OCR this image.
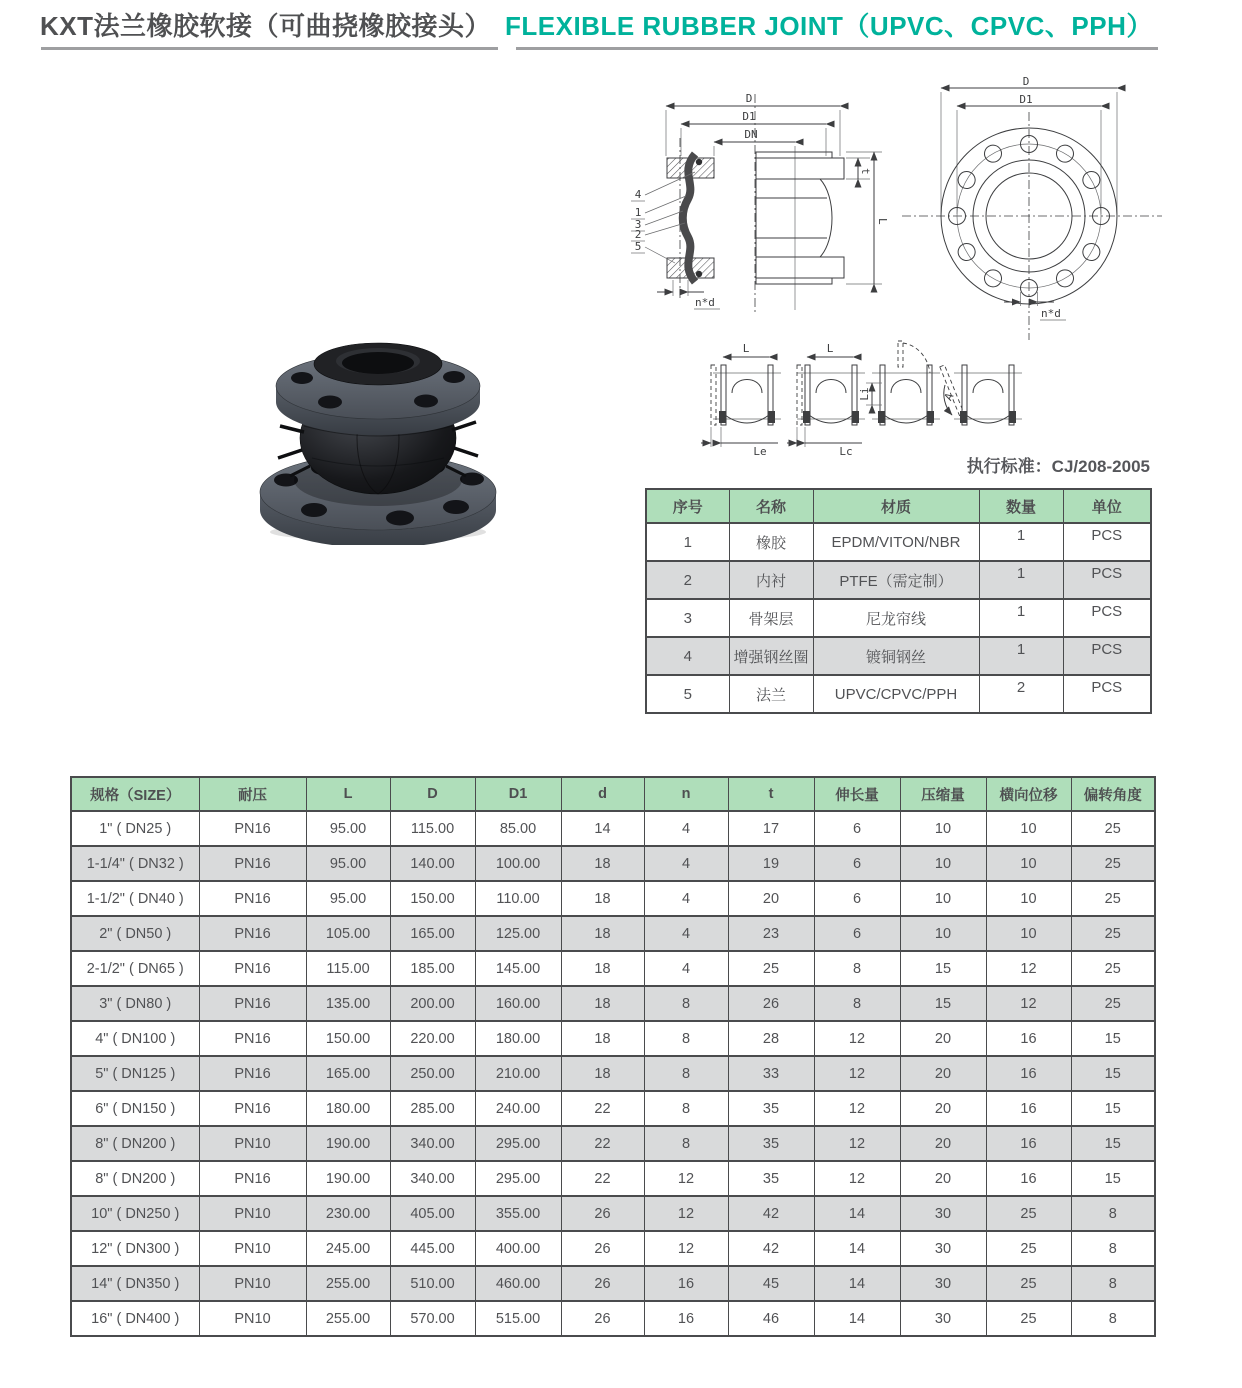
KXT法兰橡胶软接（可曲挠橡胶接头） FLEXIBLE RUBBER JOINT（UPVC、CPVC、PPH）
D
D1
DN
t
L
4
1
3
2
5
n*d
D
D1
n*d
L
Le
L
Lc
Li	A
执行标准：CJ/208-2005
序号	名称	材质	数量	单位
1	橡胶	EPDM/VITON/NBR	1	PCS
2	内衬	PTFE（需定制）	1	PCS
3	骨架层	尼龙帘线	1	PCS
4	增强钢丝圈	镀铜钢丝	1	PCS
5	法兰	UPVC/CPVC/PPH	2	PCS
规格（SIZE）	耐压	L	D	D1	d	n	t	伸长量	压缩量	横向位移	偏转角度
1" ( DN25 )	PN16	95.00	115.00	85.00	14	4	17	6	10	10	25
1-1/4" ( DN32 )	PN16	95.00	140.00	100.00	18	4	19	6	10	10	25
1-1/2" ( DN40 )	PN16	95.00	150.00	110.00	18	4	20	6	10	10	25
2" ( DN50 )	PN16	105.00	165.00	125.00	18	4	23	6	10	10	25
2-1/2" ( DN65 )	PN16	115.00	185.00	145.00	18	4	25	8	15	12	25
3" ( DN80 )	PN16	135.00	200.00	160.00	18	8	26	8	15	12	25
4" ( DN100 )	PN16	150.00	220.00	180.00	18	8	28	12	20	16	15
5" ( DN125 )	PN16	165.00	250.00	210.00	18	8	33	12	20	16	15
6" ( DN150 )	PN16	180.00	285.00	240.00	22	8	35	12	20	16	15
8" ( DN200 )	PN10	190.00	340.00	295.00	22	8	35	12	20	16	15
8" ( DN200 )	PN16	190.00	340.00	295.00	22	12	35	12	20	16	15
10" ( DN250 )	PN10	230.00	405.00	355.00	26	12	42	14	30	25	8
12" ( DN300 )	PN10	245.00	445.00	400.00	26	12	42	14	30	25	8
14" ( DN350 )	PN10	255.00	510.00	460.00	26	16	45	14	30	25	8
16" ( DN400 )	PN10	255.00	570.00	515.00	26	16	46	14	30	25	8
